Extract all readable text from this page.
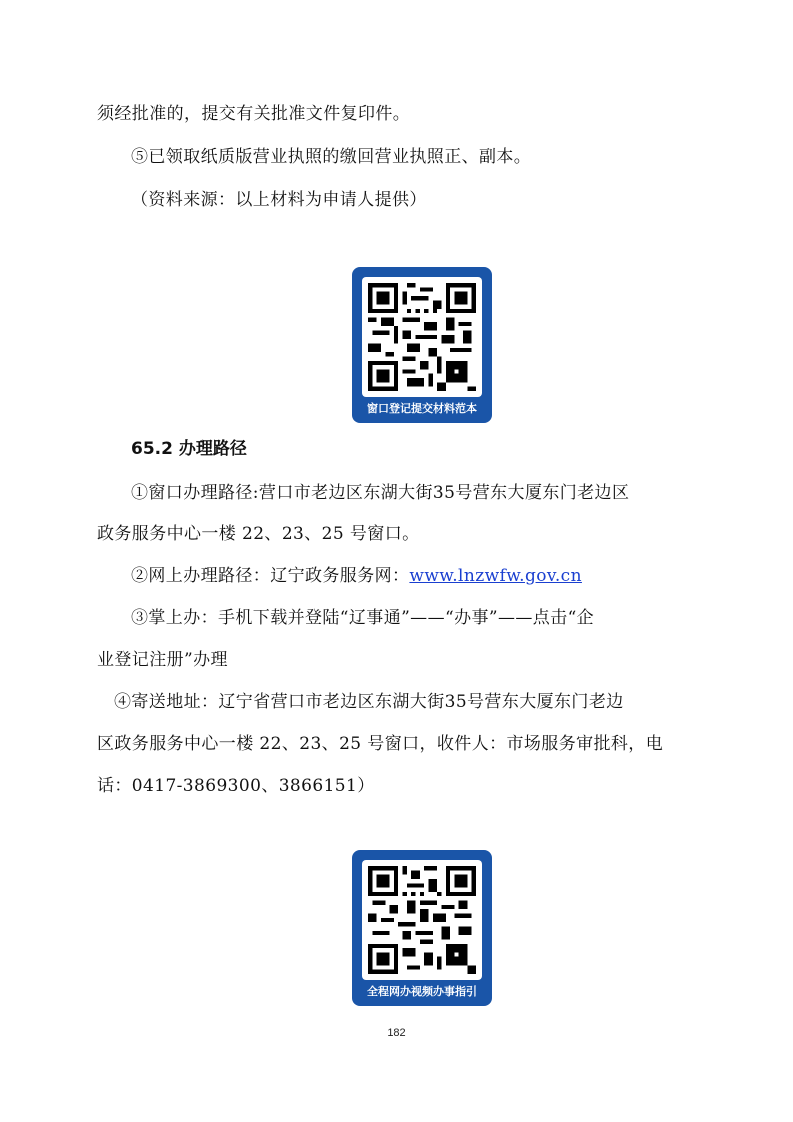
须经批准的，提交有关批准文件复印件。
⑤已领取纸质版营业执照的缴回营业执照正、副本。
（资料来源：以上材料为申请人提供）
窗口登记提交材料范本
65.2 办理路径
①窗口办理路径:营口市老边区东湖大街35号营东大厦东门老边区
政务服务中心一楼 22、23、25 号窗口。
②网上办理路径：辽宁政务服务网：www.lnzwfw.gov.cn
③掌上办：手机下载并登陆“辽事通”——“办事”——点击“企
业登记注册”办理
④寄送地址：辽宁省营口市老边区东湖大街35号营东大厦东门老边
区政务服务中心一楼 22、23、25 号窗口，收件人：市场服务审批科，电
话：0417-3869300、3866151）
全程网办视频办事指引
182
